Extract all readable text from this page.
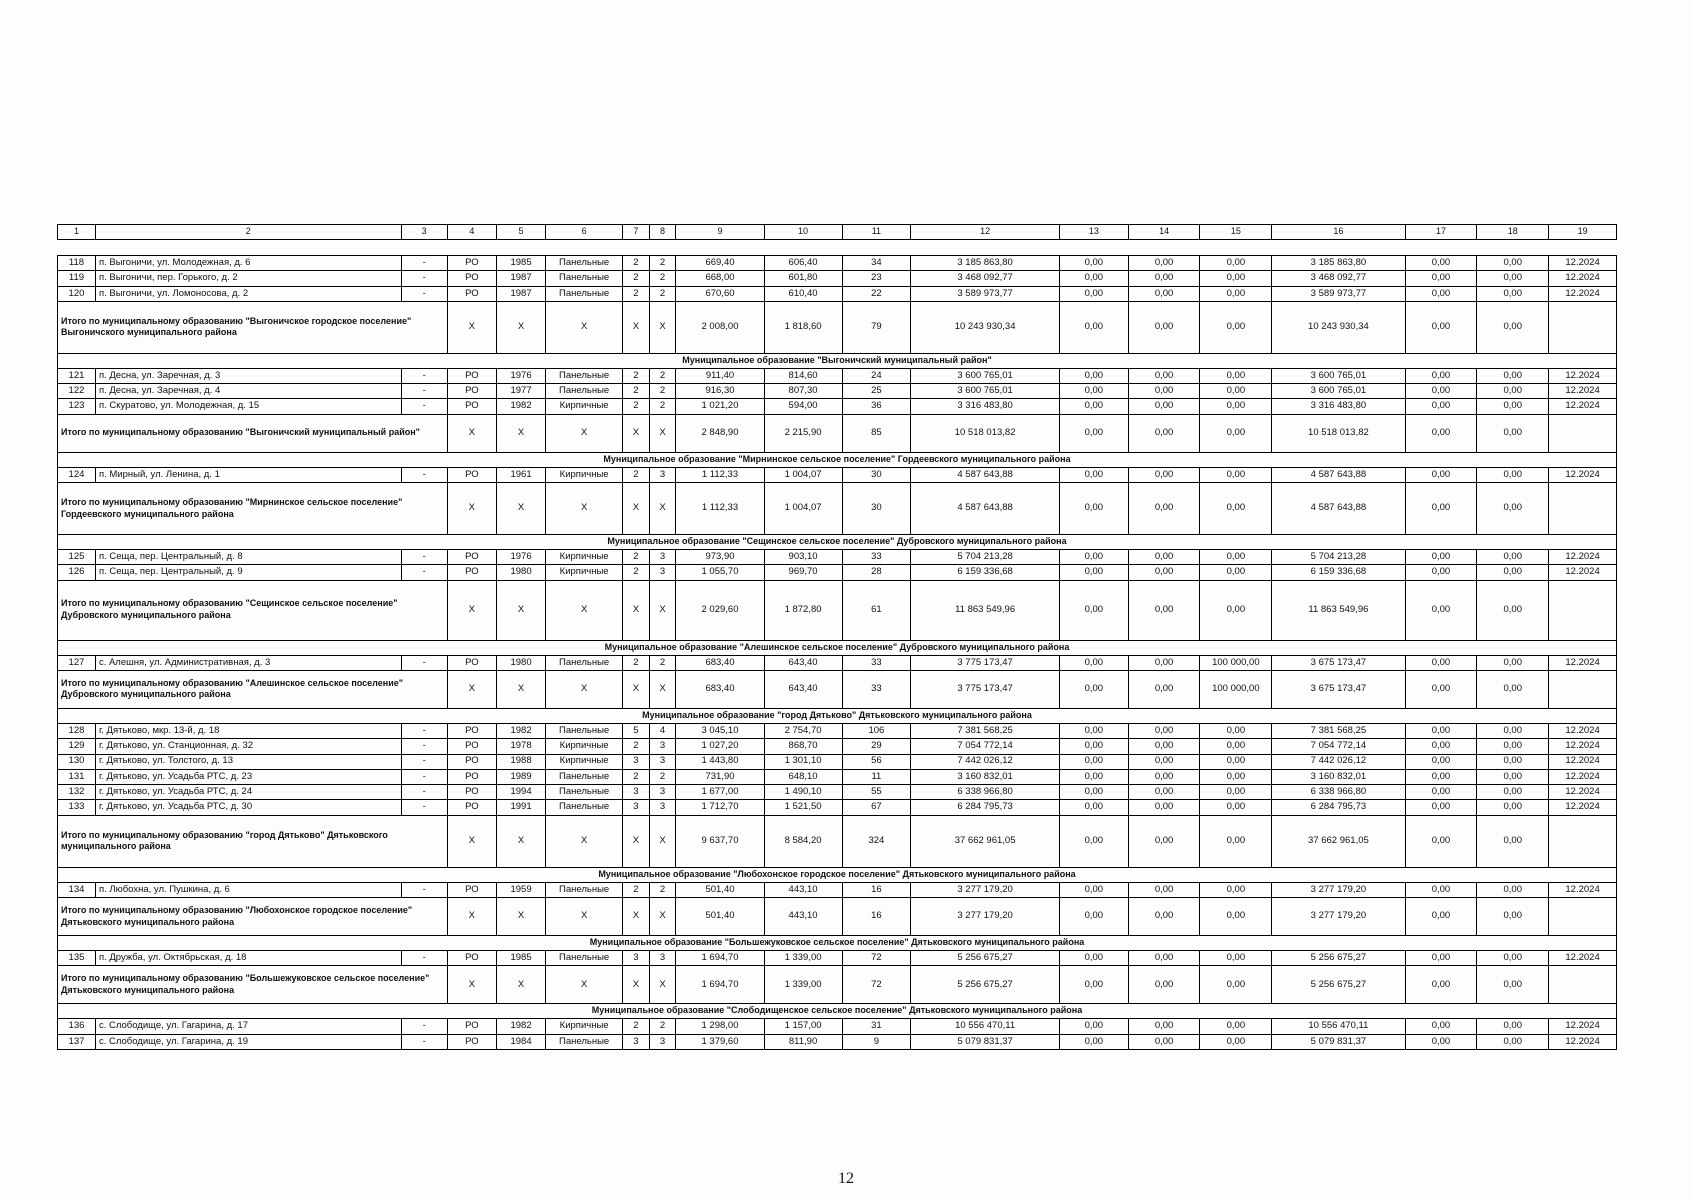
1	2	3	4	5	6	7	8	9	10	11	12	13	14	15	16	17	18	19

118	п. Выгоничи, ул. Молодежная, д. 6	-	РО	1985	Панельные	2	2	669,40	606,40	34	3 185 863,80	0,00	0,00	0,00	3 185 863,80	0,00	0,00	12.2024
119	п. Выгоничи, пер. Горького, д. 2	-	РО	1987	Панельные	2	2	668,00	601,80	23	3 468 092,77	0,00	0,00	0,00	3 468 092,77	0,00	0,00	12.2024
120	п. Выгоничи, ул. Ломоносова, д. 2	-	РО	1987	Панельные	2	2	670,60	610,40	22	3 589 973,77	0,00	0,00	0,00	3 589 973,77	0,00	0,00	12.2024
Итого по муниципальному образованию "Выгоничское городское поселение" Выгоничского муниципального района			X	X	X	X	X	2 008,00	1 818,60	79	10 243 930,34	0,00	0,00	0,00	10 243 930,34	0,00	0,00	
Муниципальное образование "Выгоничский муниципальный район"																		
121	п. Десна, ул. Заречная, д. 3	-	РО	1976	Панельные	2	2	911,40	814,60	24	3 600 765,01	0,00	0,00	0,00	3 600 765,01	0,00	0,00	12.2024
122	п. Десна, ул. Заречная, д. 4	-	РО	1977	Панельные	2	2	916,30	807,30	25	3 600 765,01	0,00	0,00	0,00	3 600 765,01	0,00	0,00	12.2024
123	п. Скуратово, ул. Молодежная, д. 15	-	РО	1982	Кирпичные	2	2	1 021,20	594,00	36	3 316 483,80	0,00	0,00	0,00	3 316 483,80	0,00	0,00	12.2024
Итого по муниципальному образованию "Выгоничский муниципальный район"			X	X	X	X	X	2 848,90	2 215,90	85	10 518 013,82	0,00	0,00	0,00	10 518 013,82	0,00	0,00	
Муниципальное образование "Мирнинское сельское поселение" Гордеевского муниципального района																		
124	п. Мирный, ул. Ленина, д. 1	-	РО	1961	Кирпичные	2	3	1 112,33	1 004,07	30	4 587 643,88	0,00	0,00	0,00	4 587 643,88	0,00	0,00	12.2024
Итого по муниципальному образованию "Мирнинское сельское поселение" Гордеевского муниципального района			X	X	X	X	X	1 112,33	1 004,07	30	4 587 643,88	0,00	0,00	0,00	4 587 643,88	0,00	0,00	
Муниципальное образование "Сещинское сельское поселение" Дубровского муниципального района																		
125	п. Сеща, пер. Центральный, д. 8	-	РО	1976	Кирпичные	2	3	973,90	903,10	33	5 704 213,28	0,00	0,00	0,00	5 704 213,28	0,00	0,00	12.2024
126	п. Сеща, пер. Центральный, д. 9	-	РО	1980	Кирпичные	2	3	1 055,70	969,70	28	6 159 336,68	0,00	0,00	0,00	6 159 336,68	0,00	0,00	12.2024
Итого по муниципальному образованию "Сещинское сельское поселение" Дубровского муниципального района			X	X	X	X	X	2 029,60	1 872,80	61	11 863 549,96	0,00	0,00	0,00	11 863 549,96	0,00	0,00	
Муниципальное образование "Алешинское сельское поселение" Дубровского муниципального района																		
127	с. Алешня, ул. Административная, д. 3	-	РО	1980	Панельные	2	2	683,40	643,40	33	3 775 173,47	0,00	0,00	100 000,00	3 675 173,47	0,00	0,00	12.2024
Итого по муниципальному образованию "Алешинское сельское поселение" Дубровского муниципального района			X	X	X	X	X	683,40	643,40	33	3 775 173,47	0,00	0,00	100 000,00	3 675 173,47	0,00	0,00	
Муниципальное образование "город Дятьково" Дятьковского муниципального района																		
128	г. Дятьково, мкр. 13-й, д. 18	-	РО	1982	Панельные	5	4	3 045,10	2 754,70	106	7 381 568,25	0,00	0,00	0,00	7 381 568,25	0,00	0,00	12.2024
129	г. Дятьково, ул. Станционная, д. 32	-	РО	1978	Кирпичные	2	3	1 027,20	868,70	29	7 054 772,14	0,00	0,00	0,00	7 054 772,14	0,00	0,00	12.2024
130	г. Дятьково, ул. Толстого, д. 13	-	РО	1988	Кирпичные	3	3	1 443,80	1 301,10	56	7 442 026,12	0,00	0,00	0,00	7 442 026,12	0,00	0,00	12.2024
131	г. Дятьково, ул. Усадьба РТС, д. 23	-	РО	1989	Панельные	2	2	731,90	648,10	11	3 160 832,01	0,00	0,00	0,00	3 160 832,01	0,00	0,00	12.2024
132	г. Дятьково, ул. Усадьба РТС, д. 24	-	РО	1994	Панельные	3	3	1 677,00	1 490,10	55	6 338 966,80	0,00	0,00	0,00	6 338 966,80	0,00	0,00	12.2024
133	г. Дятьково, ул. Усадьба РТС, д. 30	-	РО	1991	Панельные	3	3	1 712,70	1 521,50	67	6 284 795,73	0,00	0,00	0,00	6 284 795,73	0,00	0,00	12.2024
Итого по муниципальному образованию "город Дятьково" Дятьковского муниципального района			X	X	X	X	X	9 637,70	8 584,20	324	37 662 961,05	0,00	0,00	0,00	37 662 961,05	0,00	0,00	
Муниципальное образование "Любохонское городское поселение" Дятьковского муниципального района																		
134	п. Любохна, ул. Пушкина, д. 6	-	РО	1959	Панельные	2	2	501,40	443,10	16	3 277 179,20	0,00	0,00	0,00	3 277 179,20	0,00	0,00	12.2024
Итого по муниципальному образованию "Любохонское городское поселение" Дятьковского муниципального района			X	X	X	X	X	501,40	443,10	16	3 277 179,20	0,00	0,00	0,00	3 277 179,20	0,00	0,00	
Муниципальное образование "Большежуковское сельское поселение" Дятьковского муниципального района																		
135	п. Дружба, ул. Октябрьская, д. 18	-	РО	1985	Панельные	3	3	1 694,70	1 339,00	72	5 256 675,27	0,00	0,00	0,00	5 256 675,27	0,00	0,00	12.2024
Итого по муниципальному образованию "Большежуковское сельское поселение" Дятьковского муниципального района			X	X	X	X	X	1 694,70	1 339,00	72	5 256 675,27	0,00	0,00	0,00	5 256 675,27	0,00	0,00	
Муниципальное образование "Слободищенское сельское поселение" Дятьковского муниципального района																		
136	с. Слободище, ул. Гагарина, д. 17	-	РО	1982	Кирпичные	2	2	1 298,00	1 157,00	31	10 556 470,11	0,00	0,00	0,00	10 556 470,11	0,00	0,00	12.2024
137	с. Слободище, ул. Гагарина, д. 19	-	РО	1984	Панельные	3	3	1 379,60	811,90	9	5 079 831,37	0,00	0,00	0,00	5 079 831,37	0,00	0,00	12.2024
12
